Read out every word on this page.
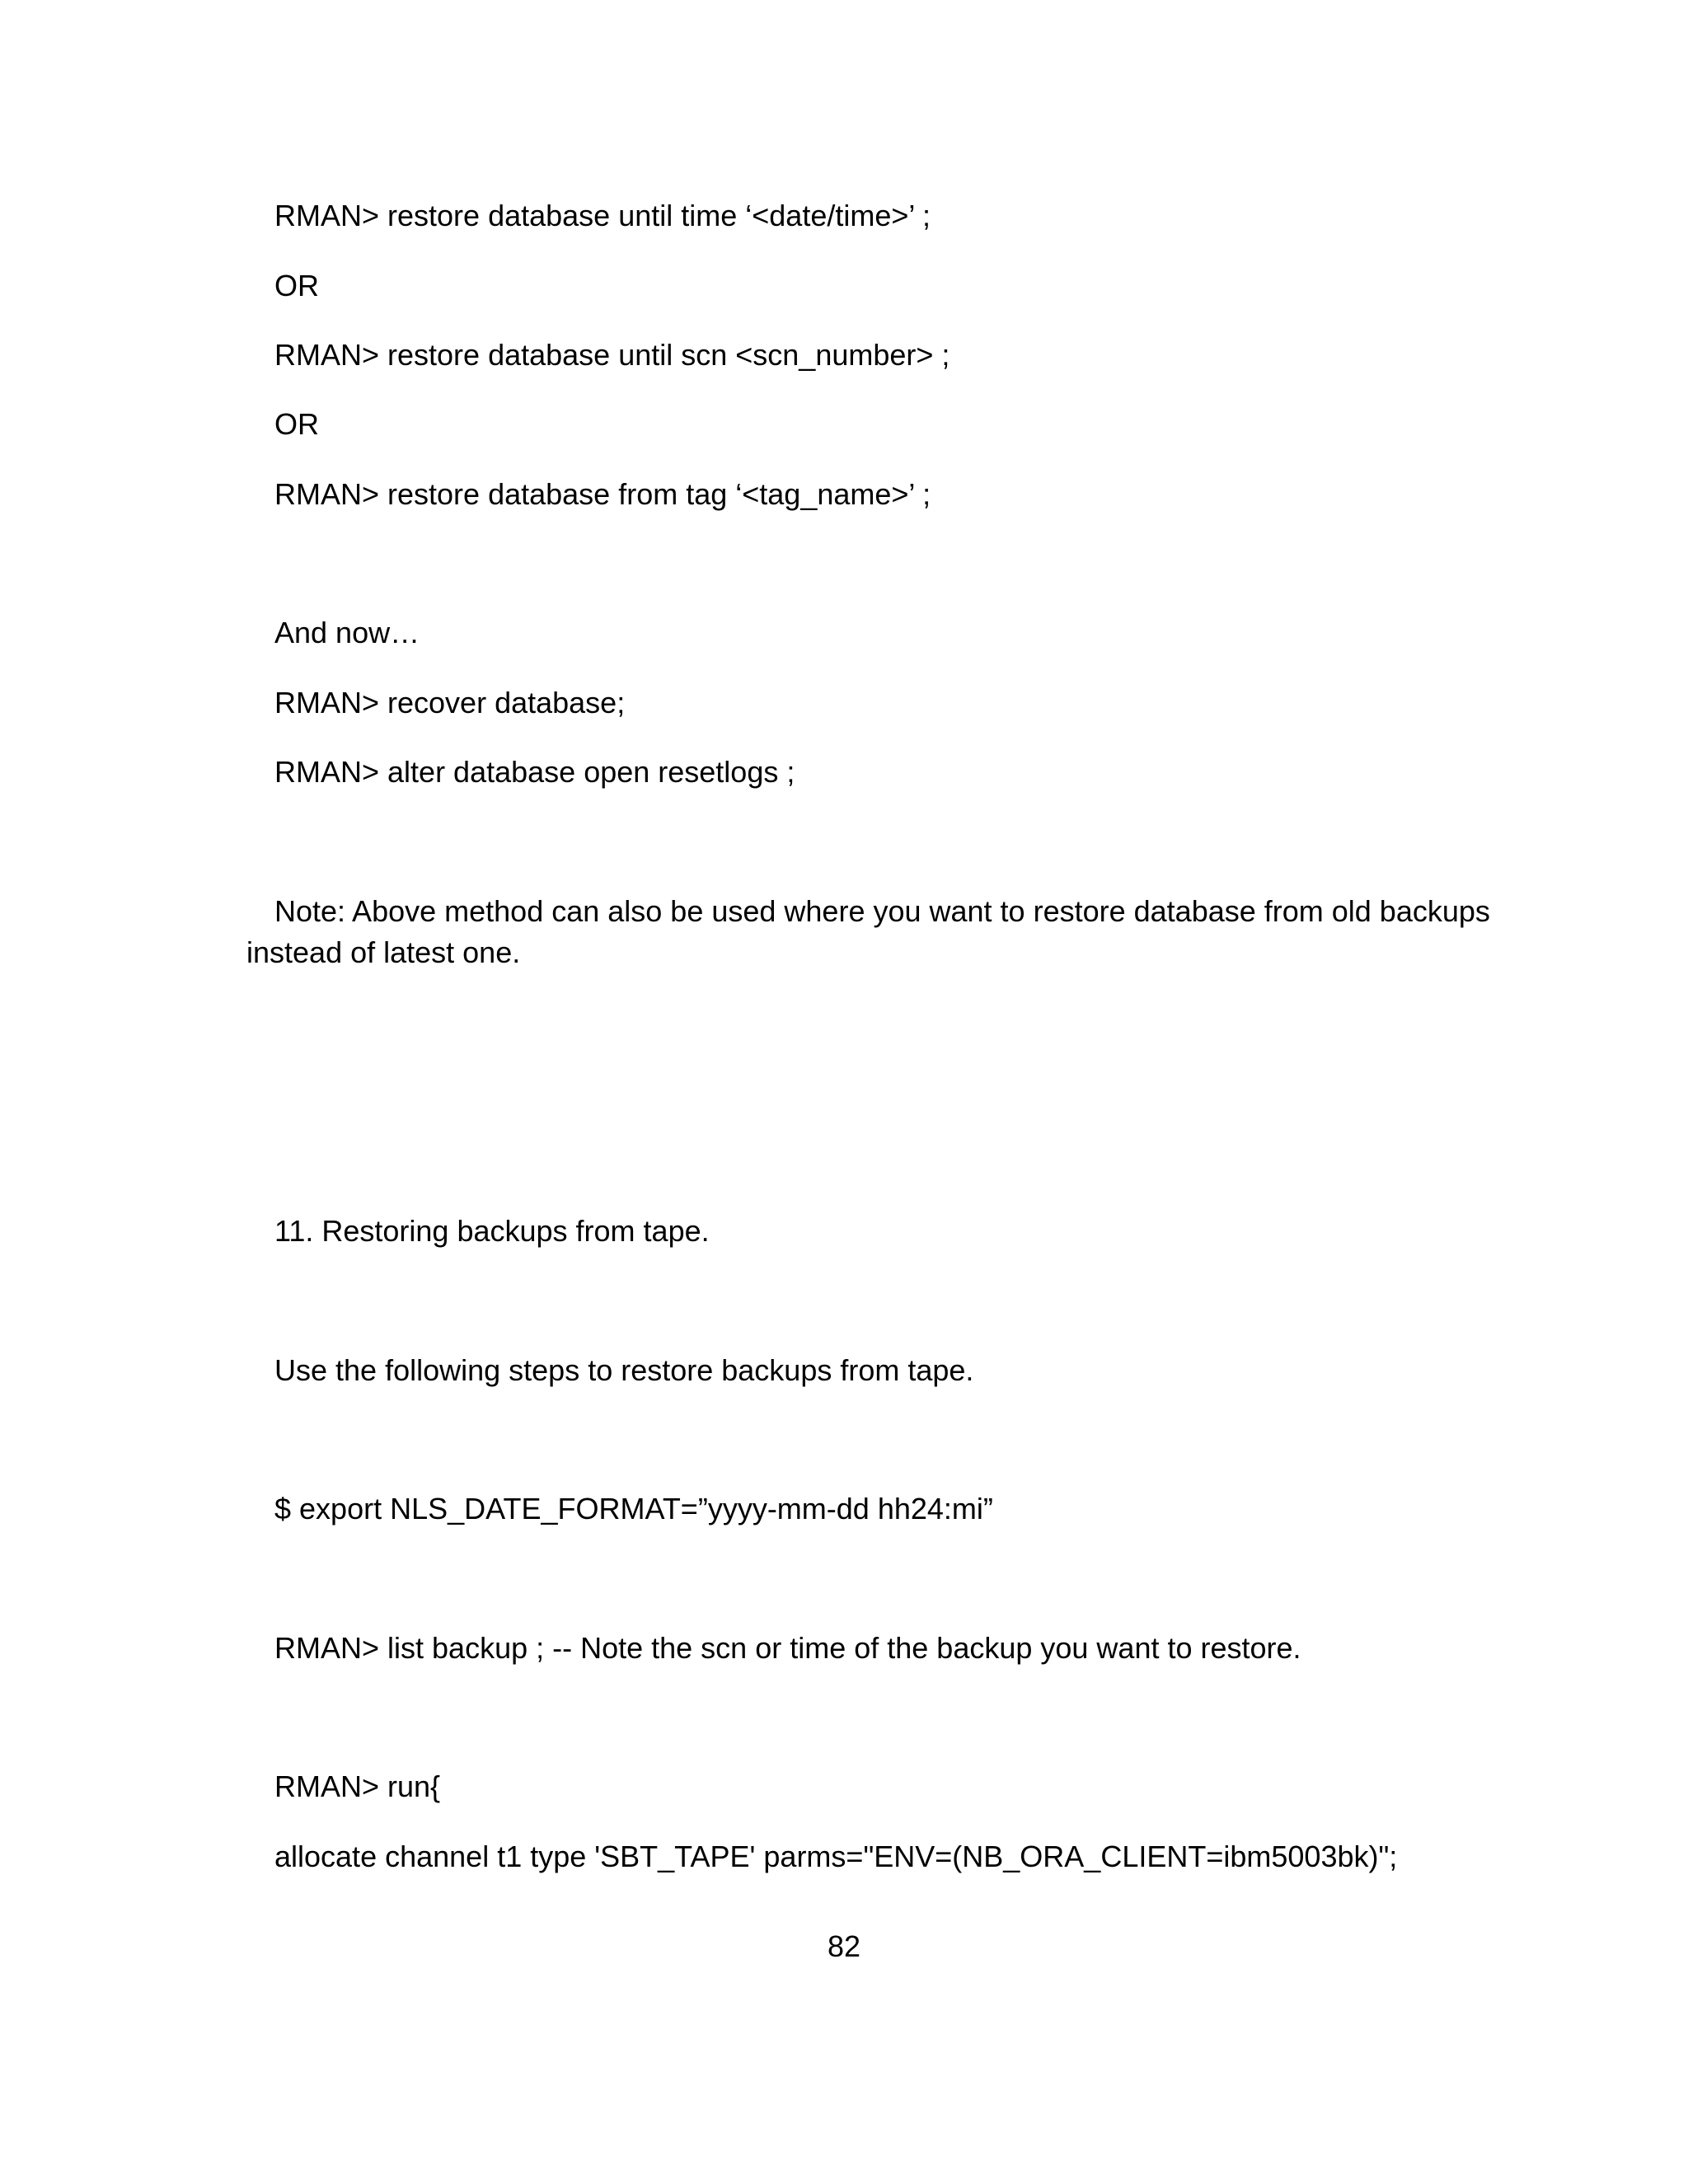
RMAN> restore database until time ‘<date/time>’ ;
OR
RMAN> restore database until scn <scn_number> ;
OR
RMAN> restore database from tag ‘<tag_name>’ ;
And now…
RMAN> recover database;
RMAN> alter database open resetlogs ;
Note: Above method can also be used where you want to restore database from old backups
instead of latest one.
11. Restoring backups from tape.
Use the following steps to restore backups from tape.
$ export NLS_DATE_FORMAT=”yyyy-mm-dd hh24:mi”
RMAN> list backup ; -- Note the scn or time of the backup you want to restore.
RMAN> run{
allocate channel t1 type 'SBT_TAPE' parms="ENV=(NB_ORA_CLIENT=ibm5003bk)";
82
